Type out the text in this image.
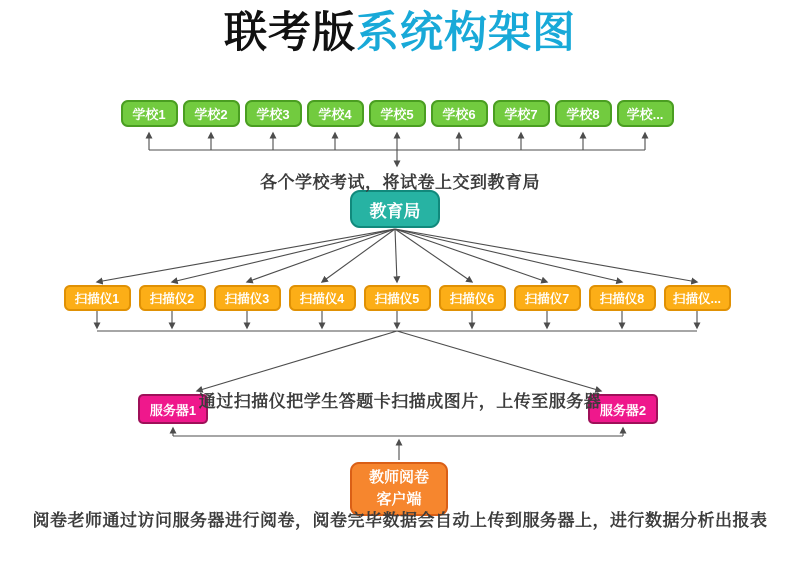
联考版系统构架图
学校1	学校2	学校3	学校4	学校5	学校6	学校7	学校8	学校...
扫描仪1	扫描仪2	扫描仪3	扫描仪4	扫描仪5	扫描仪6	扫描仪7	扫描仪8	扫描仪...
服务器1	服务器2
教育局
教师阅卷
客户端
各个学校考试，将试卷上交到教育局
通过扫描仪把学生答题卡扫描成图片，上传至服务器
阅卷老师通过访问服务器进行阅卷，阅卷完毕数据会自动上传到服务器上，进行数据分析出报表
